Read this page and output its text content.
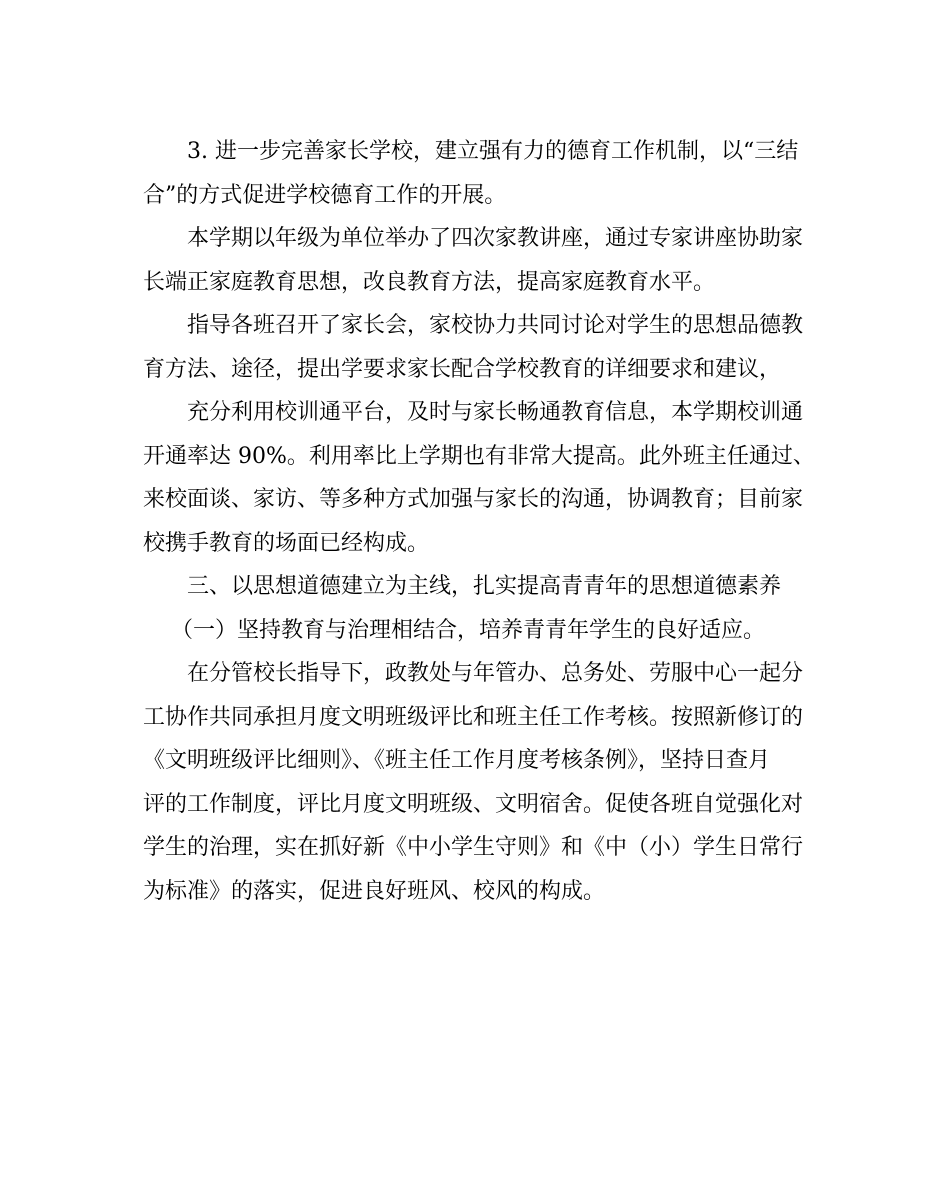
3. 进一步完善家长学校，建立强有力的德育工作机制，以“三结
合”的方式促进学校德育工作的开展。
本学期以年级为单位举办了四次家教讲座，通过专家讲座协助家
长端正家庭教育思想，改良教育方法，提高家庭教育水平。
指导各班召开了家长会，家校协力共同讨论对学生的思想品德教
育方法、途径，提出学要求家长配合学校教育的详细要求和建议，
充分利用校训通平台，及时与家长畅通教育信息，本学期校训通
开通率达 90%。利用率比上学期也有非常大提高。此外班主任通过、
来校面谈、家访、等多种方式加强与家长的沟通，协调教育；目前家
校携手教育的场面已经构成。
三、以思想道德建立为主线，扎实提高青青年的思想道德素养
（一）坚持教育与治理相结合，培养青青年学生的良好适应。
在分管校长指导下，政教处与年管办、总务处、劳服中心一起分
工协作共同承担月度文明班级评比和班主任工作考核。按照新修订的
《文明班级评比细则》、《班主任工作月度考核条例》，坚持日查月
评的工作制度，评比月度文明班级、文明宿舍。促使各班自觉强化对
学生的治理，实在抓好新《中小学生守则》和《中（小）学生日常行
为标准》的落实，促进良好班风、校风的构成。
